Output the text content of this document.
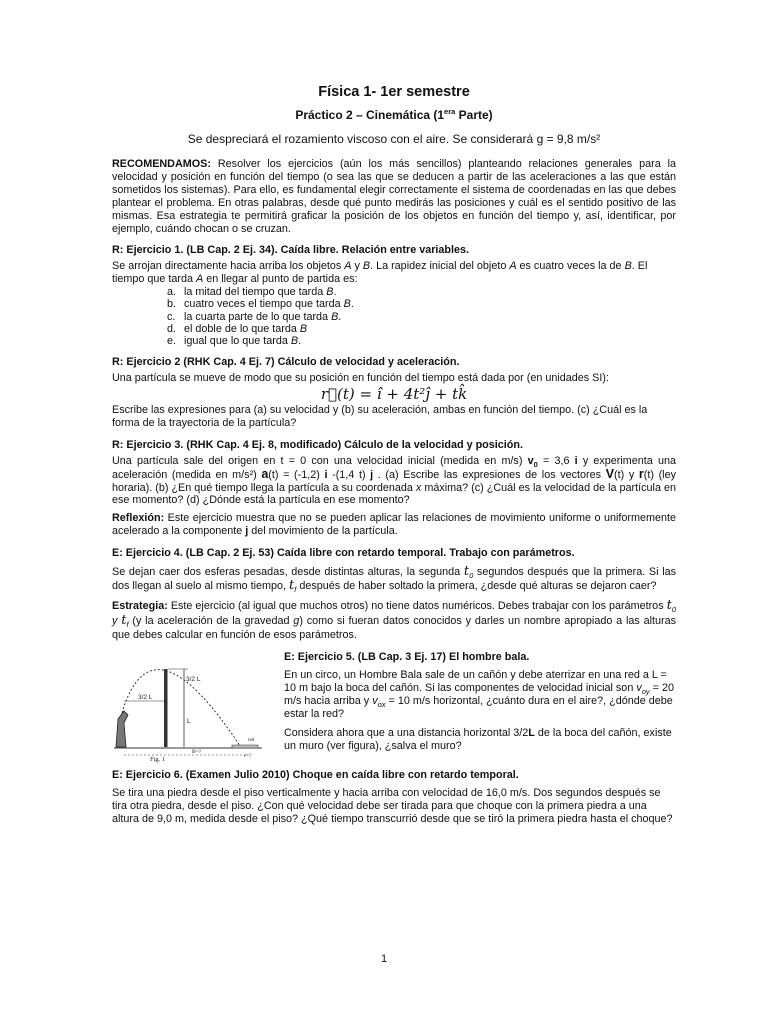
Física 1- 1er semestre
Práctico 2 – Cinemática ($1^{era}$ Parte)
Se despreciará el rozamiento viscoso con el aire. Se considerará g = 9,8 m/s²

RECOMENDAMOS: Resolver los ejercicios (aún los más sencillos) planteando relaciones generales para la velocidad y posición en función del tiempo (o sea las que se deducen a partir de las aceleraciones a las que están sometidos los sistemas). Para ello, es fundamental elegir correctamente el sistema de coordenadas en las que debes plantear el problema. En otras palabras, desde qué punto medirás las posiciones y cuál es el sentido positivo de las mismas. Esa estrategia te permitirá graficar la posición de los objetos en función del tiempo y, así, identificar, por ejemplo, cuándo chocan o se cruzan.

R: Ejercicio 1. (LB Cap. 2 Ej. 34). Caída libre. Relación entre variables.

Se arrojan directamente hacia arriba los objetos A y B. La rapidez inicial del objeto A es cuatro veces la de B. El tiempo que tarda A en llegar al punto de partida es:

a. la mitad del tiempo que tarda B.
b. cuatro veces el tiempo que tarda B.
c. la cuarta parte de lo que tarda B.
d. el doble de lo que tarda B
e. igual que lo que tarda B.
R: Ejercicio 2 (RHK Cap. 4 Ej. 7) Cálculo de velocidad y aceleración.

Una partícula se mueve de modo que su posición en función del tiempo está dada por (en unidades SI):

r⃗(t) = î + 4t²ĵ + tk̂

Escribe las expresiones para (a) su velocidad y (b) su aceleración, ambas en función del tiempo. (c) ¿Cuál es la forma de la trayectoria de la partícula?

R: Ejercicio 3. (RHK Cap. 4 Ej. 8, modificado) Cálculo de la velocidad y posición.

Una partícula sale del origen en t = 0 con una velocidad inicial (medida en m/s) $v_0 = 3,6$ i y experimenta una aceleración (medida en m/s²) a(t) = (-1,2) i -(1,4 t) j . (a) Escribe las expresiones de los vectores V(t) y r(t) (ley horaria). (b) ¿En qué tiempo llega la partícula a su coordenada x máxima? (c) ¿Cuál es la velocidad de la partícula en ese momento? (d) ¿Dónde está la partícula en ese momento?

Reflexión: Este ejercicio muestra que no se pueden aplicar las relaciones de movimiento uniforme o uniformemente acelerado a la componente j del movimiento de la partícula.

E: Ejercicio 4. (LB Cap. 2 Ej. 53) Caída libre con retardo temporal. Trabajo con parámetros.

Se dejan caer dos esferas pesadas, desde distintas alturas, la segunda $t_0$ segundos después que la primera. Si las dos llegan al suelo al mismo tiempo, $t_f$ después de haber soltado la primera, ¿desde qué alturas se dejaron caer?

Estrategia: Este ejercicio (al igual que muchos otros) no tiene datos numéricos. Debes trabajar con los parámetros $t_0$ y $t_f$ (y la aceleración de la gravedad g) como si fueran datos conocidos y darles un nombre apropiado a las alturas que debes calcular en función de esos parámetros.

3/2 L
3/2 L
L
B=?
Fig. 1
red
r=?
E: Ejercicio 5. (LB Cap. 3 Ej. 17) El hombre bala.

En un circo, un Hombre Bala sale de un cañón y debe aterrizar en una red a L = 10 m bajo la boca del cañón. Si las componentes de velocidad inicial son $v_{oy} = 20$ m/s hacia arriba y $v_{ox} = 10$ m/s horizontal, ¿cuánto dura en el aire?, ¿dónde debe estar la red?

Considera ahora que a una distancia horizontal 3/2L de la boca del cañón, existe un muro (ver figura), ¿salva el muro?

E: Ejercicio 6. (Examen Julio 2010) Choque en caída libre con retardo temporal.

Se tira una piedra desde el piso verticalmente y hacia arriba con velocidad de 16,0 m/s. Dos segundos después se tira otra piedra, desde el piso. ¿Con qué velocidad debe ser tirada para que choque con la primera piedra a una altura de 9,0 m, medida desde el piso? ¿Qué tiempo transcurrió desde que se tiró la primera piedra hasta el choque?

1
